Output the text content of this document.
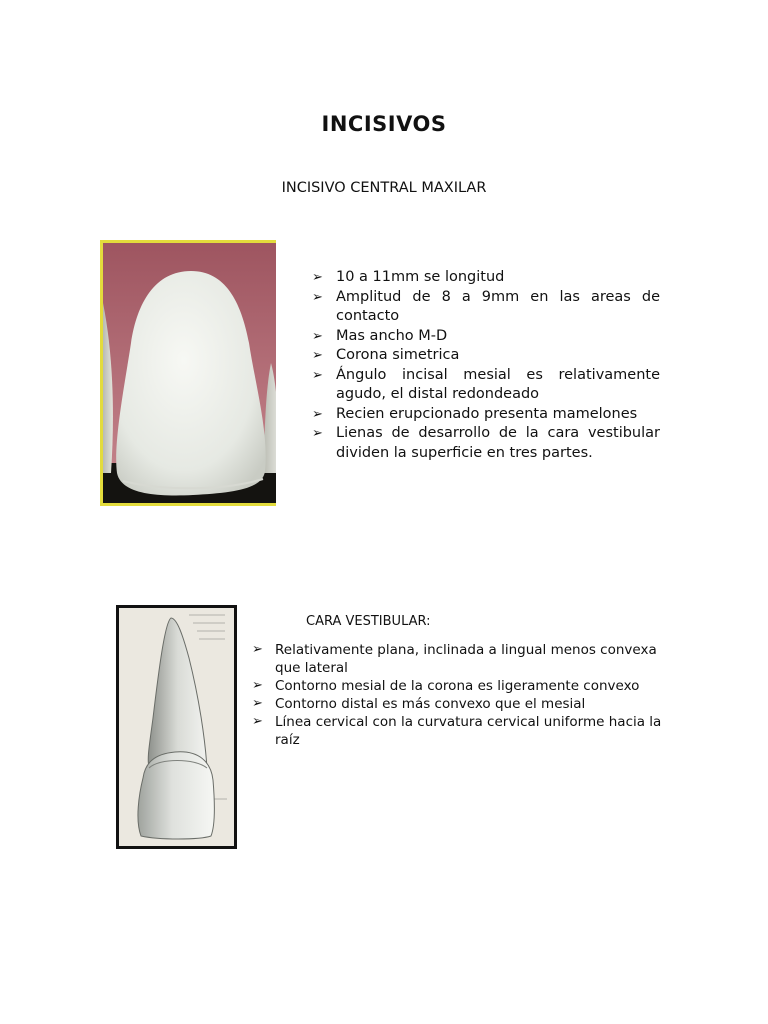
INCISIVOS
INCISIVO CENTRAL MAXILAR
➢ 10 a 11mm se longitud
➢ Amplitud de 8 a 9mm en las areas de contacto
➢ Mas ancho M-D
➢ Corona simetrica
➢ Ángulo incisal mesial es relativamente agudo, el distal redondeado
➢ Recien erupcionado presenta mamelones
➢ Lienas de desarrollo de la cara vestibular dividen la superficie en tres partes.
CARA VESTIBULAR:
➢ Relativamente plana, inclinada a lingual menos convexa que lateral
➢ Contorno mesial de la corona es ligeramente convexo
➢ Contorno distal es más convexo que el mesial
➢ Línea cervical con la curvatura cervical uniforme hacia la raíz
